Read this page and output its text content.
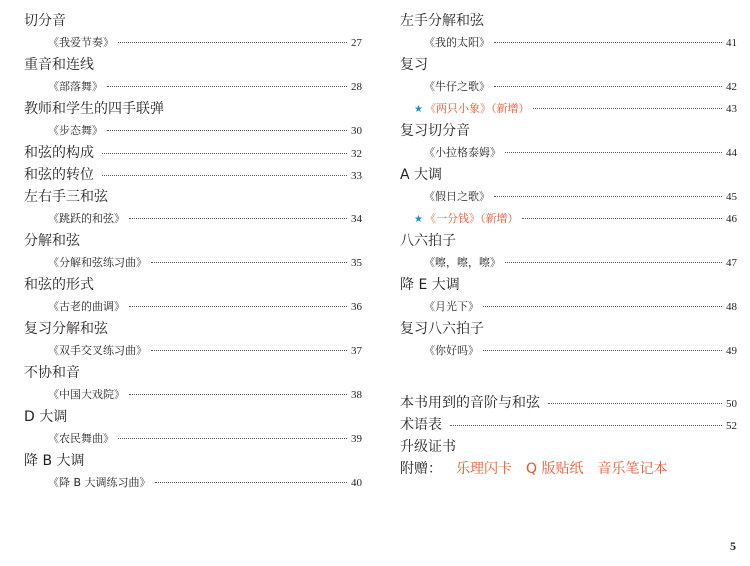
切分音
《我爱节奏》	27
重音和连线
《部落舞》	28
教师和学生的四手联弹
《步态舞》	30
和弦的构成	32
和弦的转位	33
左右手三和弦
《跳跃的和弦》	34
分解和弦
《分解和弦练习曲》	35
和弦的形式
《古老的曲调》	36
复习分解和弦
《双手交叉练习曲》	37
不协和音
《中国大戏院》	38
D 大调
《农民舞曲》	39
降 B 大调
《降 B 大调练习曲》	40
左手分解和弦
《我的太阳》	41
复习
《牛仔之歌》	42
★ 《两只小象》（新增）	43
复习切分音
《小拉格泰姆》	44
A 大调
《假日之歌》	45
★ 《一分钱》（新增）	46
八六拍子
《嚓，嚓，嚓》	47
降 E 大调
《月光下》	48
复习八六拍子
《你好吗》	49
本书用到的音阶与和弦	50
术语表	52
升级证书
附赠： 乐理闪卡 Q 版贴纸 音乐笔记本
5
